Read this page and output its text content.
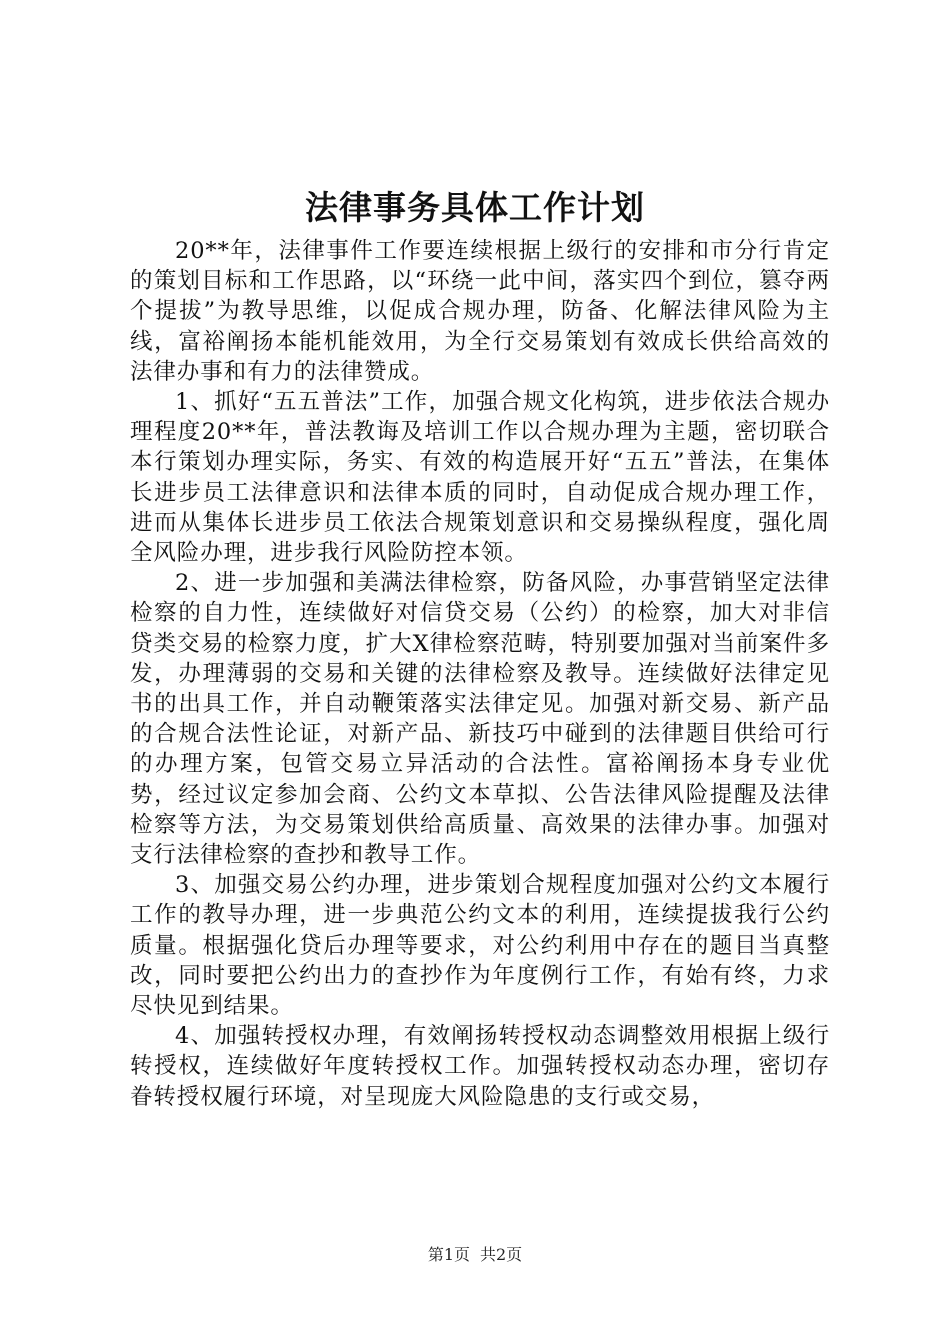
法律事务具体工作计划

20**年，法律事件工作要连续根据上级行的安排和市分行肯定的策划目标和工作思路，以“环绕一此中间，落实四个到位，篡夺两个提拔”为教导思维，以促成合规办理，防备、化解法律风险为主线，富裕阐扬本能机能效用，为全行交易策划有效成长供给高效的法律办事和有力的法律赞成。

1、抓好“五五普法”工作，加强合规文化构筑，进步依法合规办理程度20**年，普法教诲及培训工作以合规办理为主题，密切联合本行策划办理实际，务实、有效的构造展开好“五五”普法，在集体长进步员工法律意识和法律本质的同时，自动促成合规办理工作，进而从集体长进步员工依法合规策划意识和交易操纵程度，强化周全风险办理，进步我行风险防控本领。

2、进一步加强和美满法律检察，防备风险，办事营销坚定法律检察的自力性，连续做好对信贷交易（公约）的检察，加大对非信贷类交易的检察力度，扩大X律检察范畴，特别要加强对当前案件多发，办理薄弱的交易和关键的法律检察及教导。连续做好法律定见书的出具工作，并自动鞭策落实法律定见。加强对新交易、新产品的合规合法性论证，对新产品、新技巧中碰到的法律题目供给可行的办理方案，包管交易立异活动的合法性。富裕阐扬本身专业优势，经过议定参加会商、公约文本草拟、公告法律风险提醒及法律检察等方法，为交易策划供给高质量、高效果的法律办事。加强对支行法律检察的查抄和教导工作。

3、加强交易公约办理，进步策划合规程度加强对公约文本履行工作的教导办理，进一步典范公约文本的利用，连续提拔我行公约质量。根据强化贷后办理等要求，对公约利用中存在的题目当真整改，同时要把公约出力的查抄作为年度例行工作，有始有终，力求尽快见到结果。

4、加强转授权办理，有效阐扬转授权动态调整效用根据上级行转授权，连续做好年度转授权工作。加强转授权动态办理，密切存眷转授权履行环境，对呈现庞大风险隐患的支行或交易，

第1页 共2页
